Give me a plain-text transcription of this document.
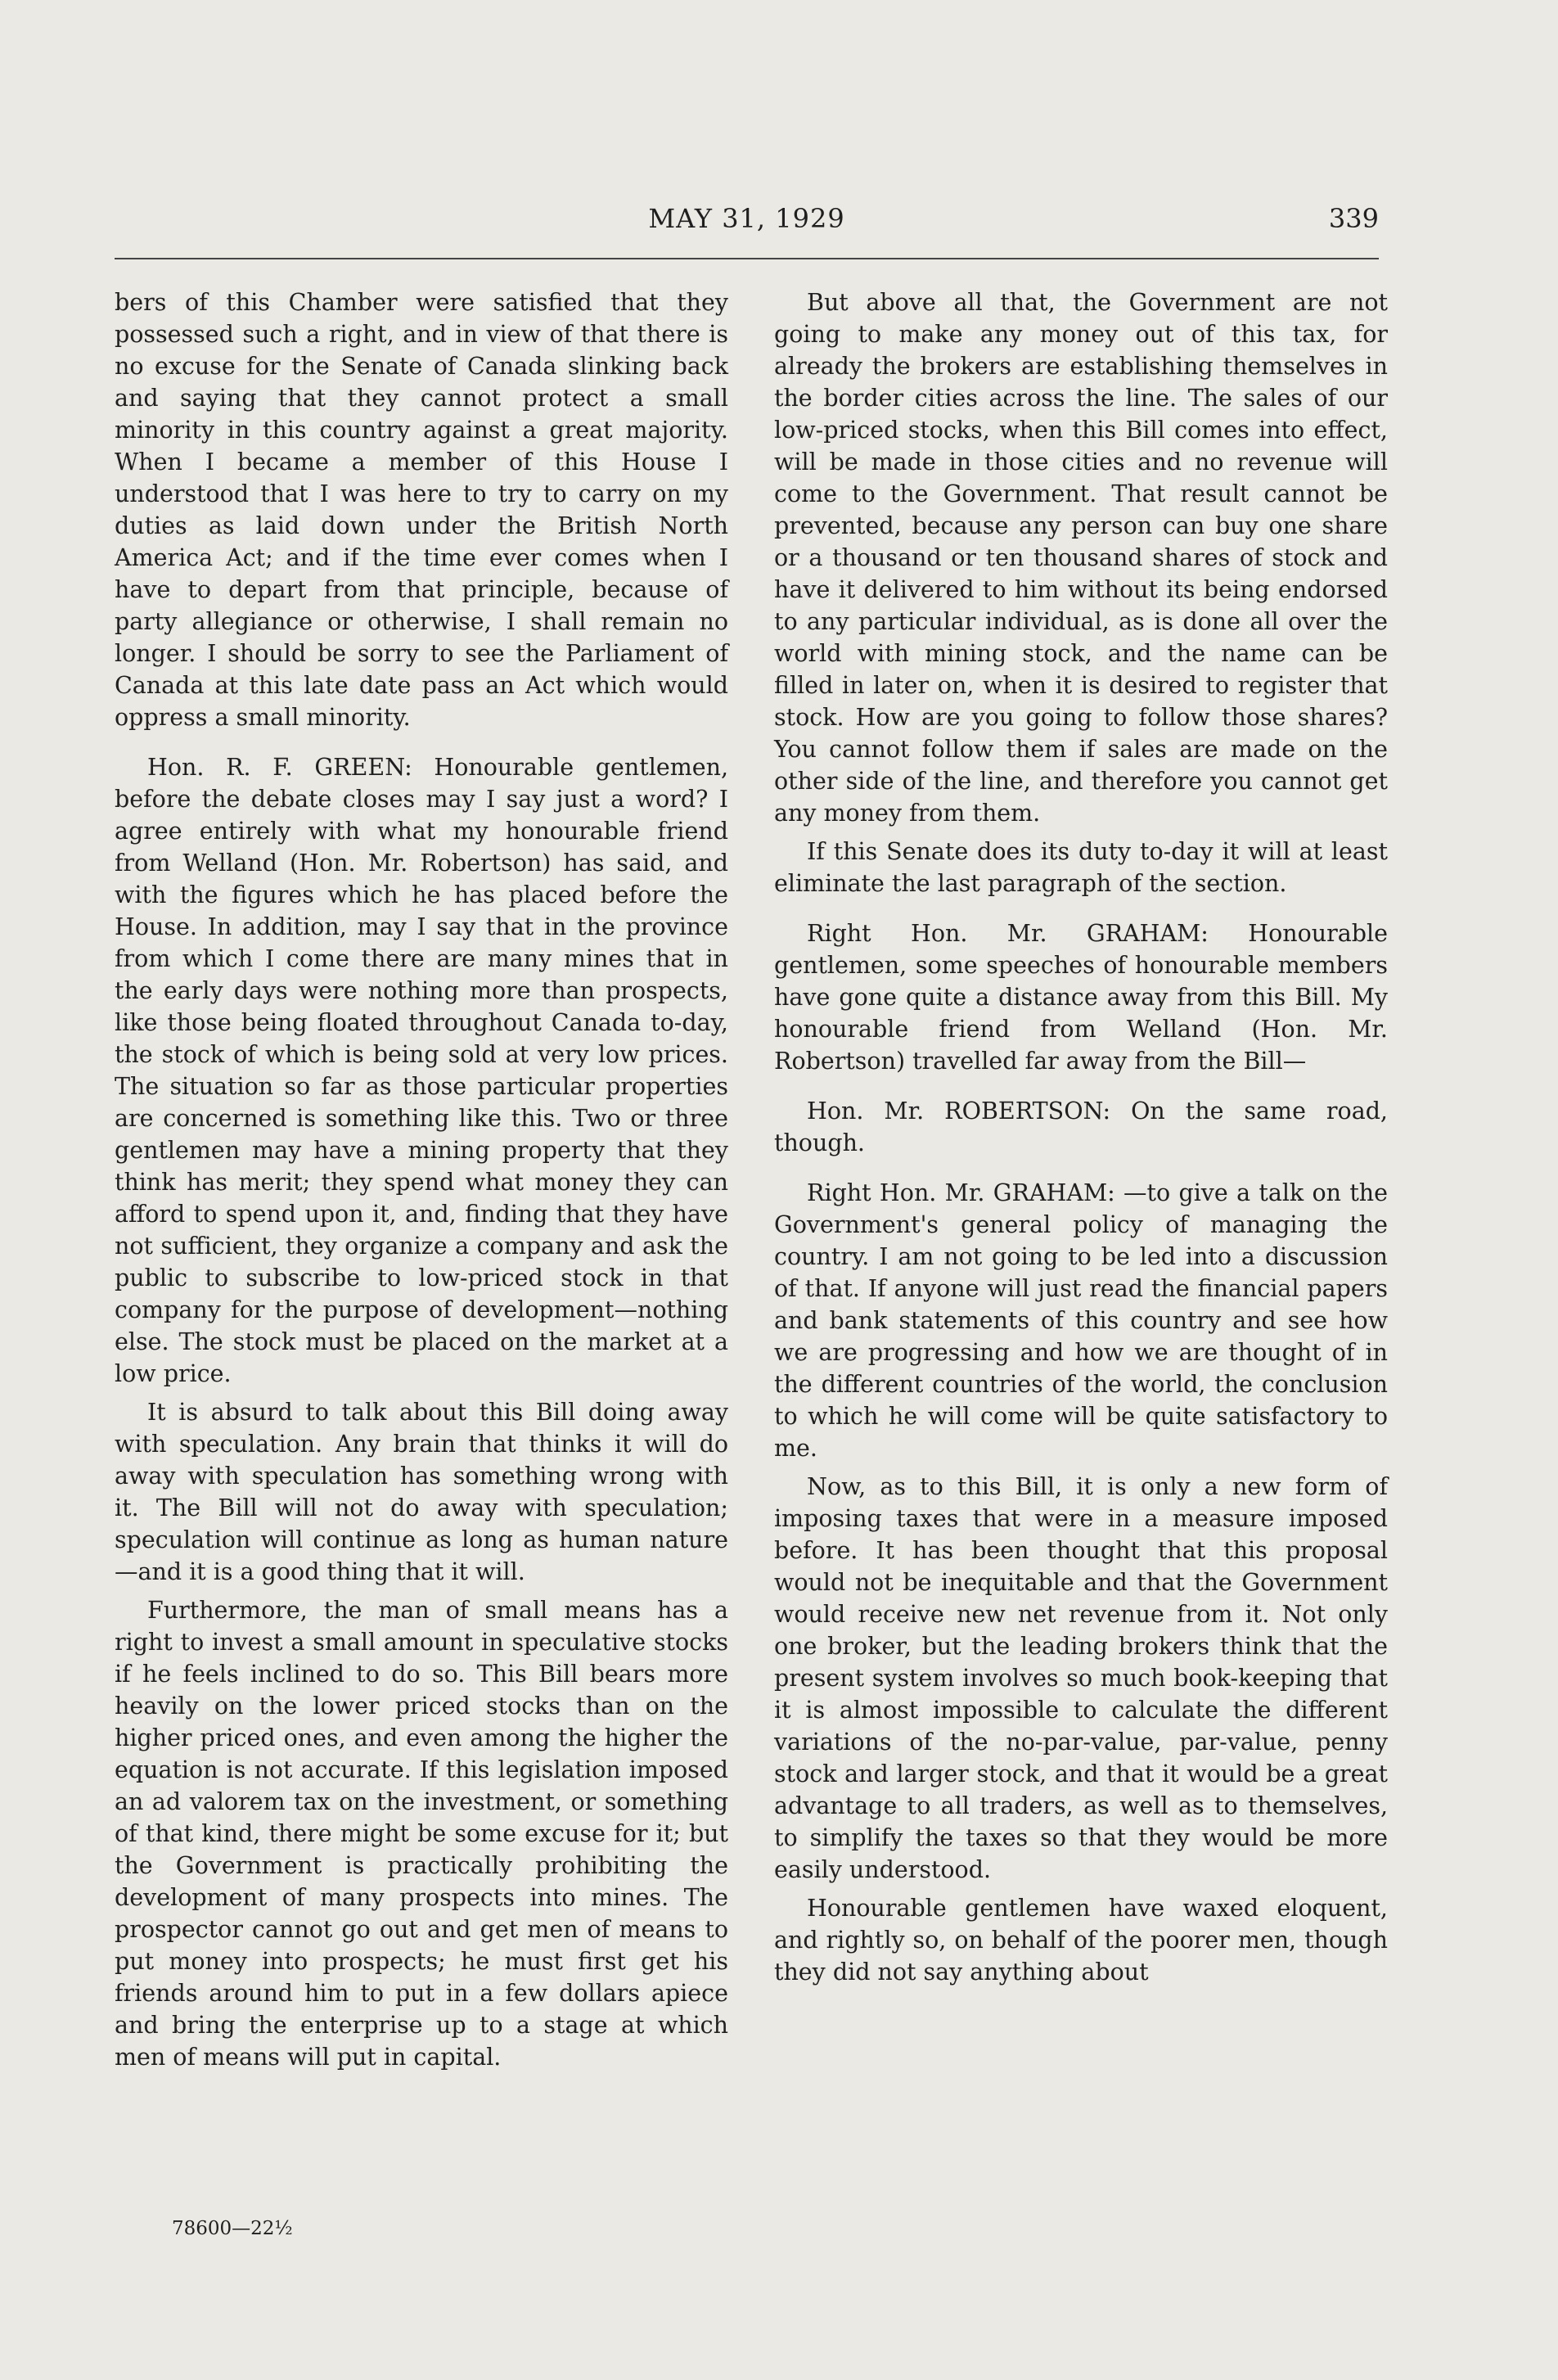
MAY 31, 1929	339

bers of this Chamber were satisfied that they possessed such a right, and in view of that there is no excuse for the Senate of Canada slinking back and saying that they cannot protect a small minority in this country against a great majority. When I became a member of this House I understood that I was here to try to carry on my duties as laid down under the British North America Act; and if the time ever comes when I have to depart from that principle, because of party allegiance or otherwise, I shall remain no longer. I should be sorry to see the Parliament of Canada at this late date pass an Act which would oppress a small minority.

Hon. R. F. GREEN: Honourable gentlemen, before the debate closes may I say just a word? I agree entirely with what my honourable friend from Welland (Hon. Mr. Robertson) has said, and with the figures which he has placed before the House. In addition, may I say that in the province from which I come there are many mines that in the early days were nothing more than prospects, like those being floated throughout Canada to-day, the stock of which is being sold at very low prices. The situation so far as those particular properties are concerned is something like this. Two or three gentlemen may have a mining property that they think has merit; they spend what money they can afford to spend upon it, and, finding that they have not sufficient, they organize a company and ask the public to subscribe to low-priced stock in that company for the purpose of development—nothing else. The stock must be placed on the market at a low price.

It is absurd to talk about this Bill doing away with speculation. Any brain that thinks it will do away with speculation has something wrong with it. The Bill will not do away with speculation; speculation will continue as long as human nature—and it is a good thing that it will.

Furthermore, the man of small means has a right to invest a small amount in speculative stocks if he feels inclined to do so. This Bill bears more heavily on the lower priced stocks than on the higher priced ones, and even among the higher the equation is not accurate. If this legislation imposed an ad valorem tax on the investment, or something of that kind, there might be some excuse for it; but the Government is practically prohibiting the development of many prospects into mines. The prospector cannot go out and get men of means to put money into prospects; he must first get his friends around him to put in a few dollars apiece and bring the enterprise up to a stage at which men of means will put in capital.

But above all that, the Government are not going to make any money out of this tax, for already the brokers are establishing themselves in the border cities across the line. The sales of our low-priced stocks, when this Bill comes into effect, will be made in those cities and no revenue will come to the Government. That result cannot be prevented, because any person can buy one share or a thousand or ten thousand shares of stock and have it delivered to him without its being endorsed to any particular individual, as is done all over the world with mining stock, and the name can be filled in later on, when it is desired to register that stock. How are you going to follow those shares? You cannot follow them if sales are made on the other side of the line, and therefore you cannot get any money from them.

If this Senate does its duty to-day it will at least eliminate the last paragraph of the section.

Right Hon. Mr. GRAHAM: Honourable gentlemen, some speeches of honourable members have gone quite a distance away from this Bill. My honourable friend from Welland (Hon. Mr. Robertson) travelled far away from the Bill—

Hon. Mr. ROBERTSON: On the same road, though.

Right Hon. Mr. GRAHAM: —to give a talk on the Government's general policy of managing the country. I am not going to be led into a discussion of that. If anyone will just read the financial papers and bank statements of this country and see how we are progressing and how we are thought of in the different countries of the world, the conclusion to which he will come will be quite satisfactory to me.

Now, as to this Bill, it is only a new form of imposing taxes that were in a measure imposed before. It has been thought that this proposal would not be inequitable and that the Government would receive new net revenue from it. Not only one broker, but the leading brokers think that the present system involves so much book-keeping that it is almost impossible to calculate the different variations of the no-par-value, par-value, penny stock and larger stock, and that it would be a great advantage to all traders, as well as to themselves, to simplify the taxes so that they would be more easily understood.

Honourable gentlemen have waxed eloquent, and rightly so, on behalf of the poorer men, though they did not say anything about

78600—22½
